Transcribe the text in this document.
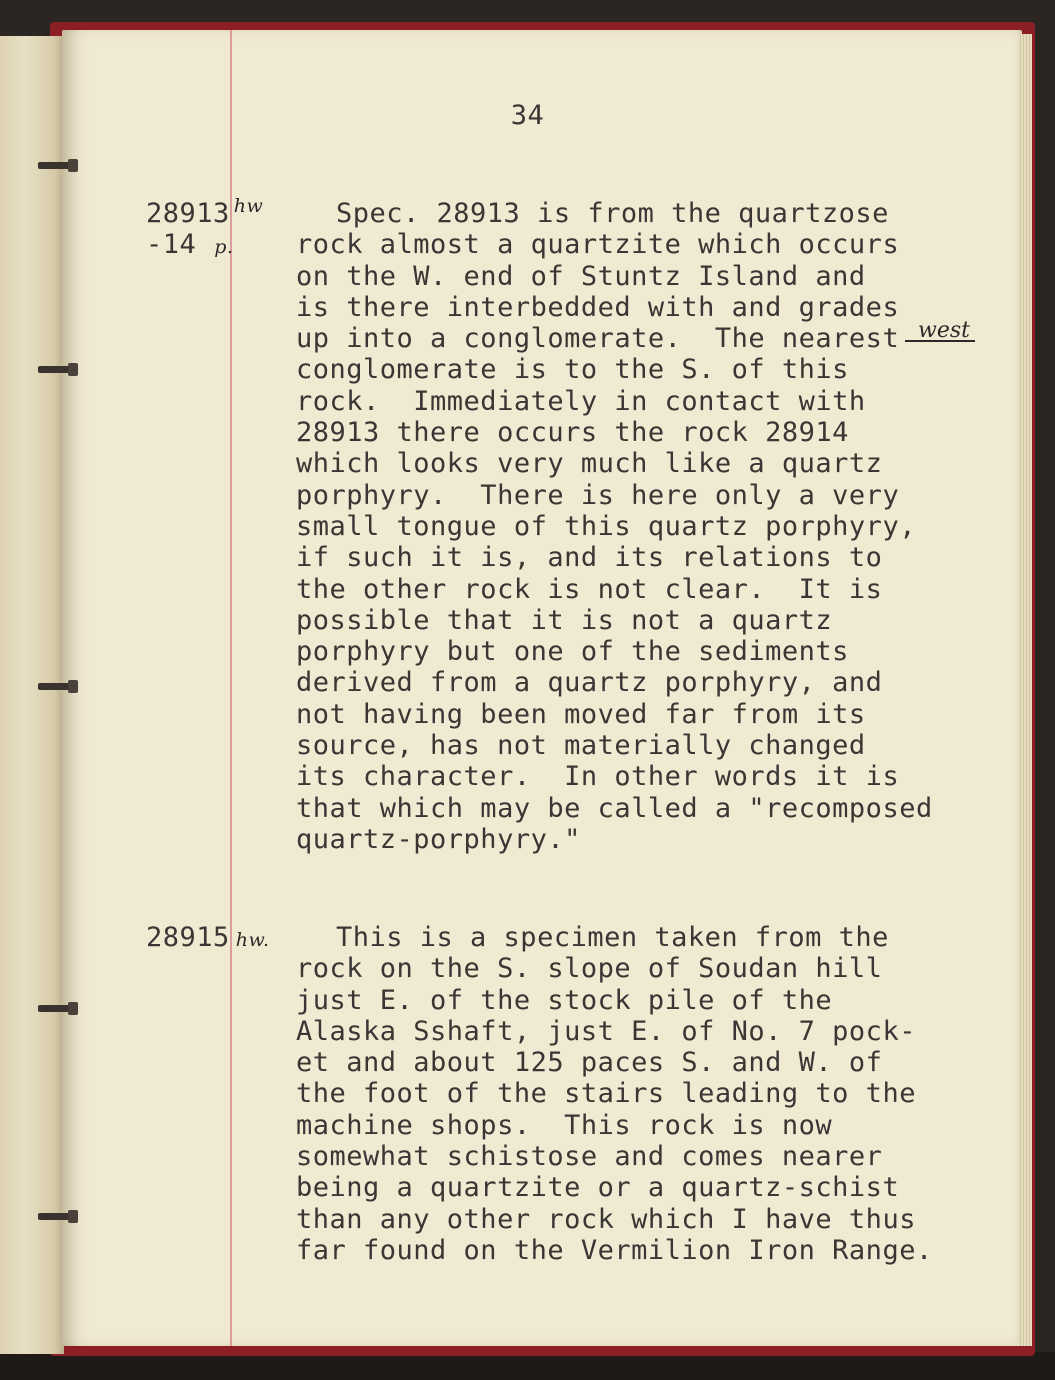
34
28913 $^{hw}$
-14 p.
Spec. 28913 is from the quartzose
rock almost a quartzite which occurs
on the W. end of Stuntz Island and
is there interbedded with and grades
up into a conglomerate.  The nearest
conglomerate is to the S. of this
rock.  Immediately in contact with
28913 there occurs the rock 28914
which looks very much like a quartz
porphyry.  There is here only a very
small tongue of this quartz porphyry,
if such it is, and its relations to
the other rock is not clear.  It is
possible that it is not a quartz
porphyry but one of the sediments
derived from a quartz porphyry, and
not having been moved far from its
source, has not materially changed
its character.  In other words it is
that which may be called a "recomposed
quartz-porphyry."
west
28915 hw.	This is a specimen taken from the
rock on the S. slope of Soudan hill
just E. of the stock pile of the
Alaska Sshaft, just E. of No. 7 pock-
et and about 125 paces S. and W. of
the foot of the stairs leading to the
machine shops.  This rock is now
somewhat schistose and comes nearer
being a quartzite or a quartz-schist
than any other rock which I have thus
far found on the Vermilion Iron Range.
